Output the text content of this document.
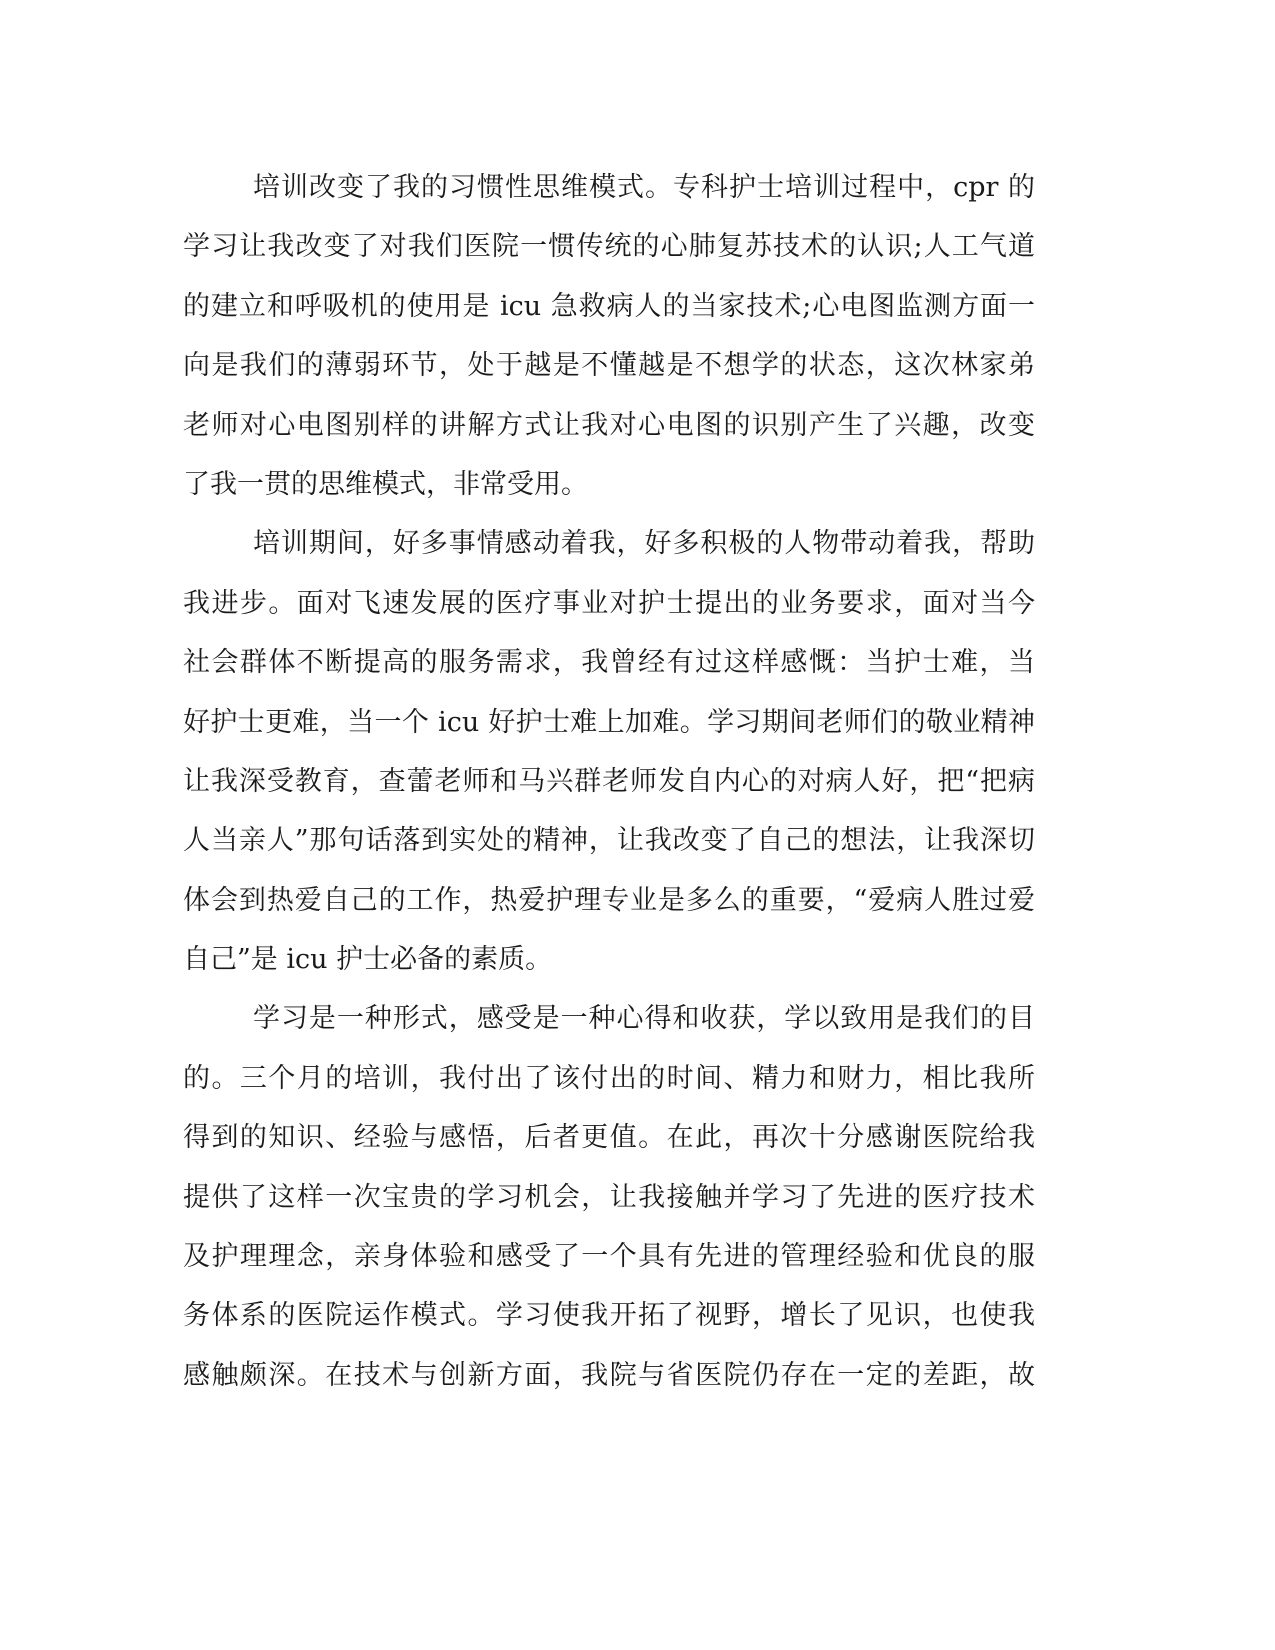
培训改变了我的习惯性思维模式。专科护士培训过程中，cpr 的
学习让我改变了对我们医院一惯传统的心肺复苏技术的认识;人工气道
的建立和呼吸机的使用是 icu 急救病人的当家技术;心电图监测方面一
向是我们的薄弱环节，处于越是不懂越是不想学的状态，这次林家弟
老师对心电图别样的讲解方式让我对心电图的识别产生了兴趣，改变
了我一贯的思维模式，非常受用。
培训期间，好多事情感动着我，好多积极的人物带动着我，帮助
我进步。面对飞速发展的医疗事业对护士提出的业务要求，面对当今
社会群体不断提高的服务需求，我曾经有过这样感慨：当护士难，当
好护士更难，当一个 icu 好护士难上加难。学习期间老师们的敬业精神
让我深受教育，查蕾老师和马兴群老师发自内心的对病人好，把“把病
人当亲人”那句话落到实处的精神，让我改变了自己的想法，让我深切
体会到热爱自己的工作，热爱护理专业是多么的重要，“爱病人胜过爱
自己”是 icu 护士必备的素质。
学习是一种形式，感受是一种心得和收获，学以致用是我们的目
的。三个月的培训，我付出了该付出的时间、精力和财力，相比我所
得到的知识、经验与感悟，后者更值。在此，再次十分感谢医院给我
提供了这样一次宝贵的学习机会，让我接触并学习了先进的医疗技术
及护理理念，亲身体验和感受了一个具有先进的管理经验和优良的服
务体系的医院运作模式。学习使我开拓了视野，增长了见识，也使我
感触颇深。在技术与创新方面，我院与省医院仍存在一定的差距，故
